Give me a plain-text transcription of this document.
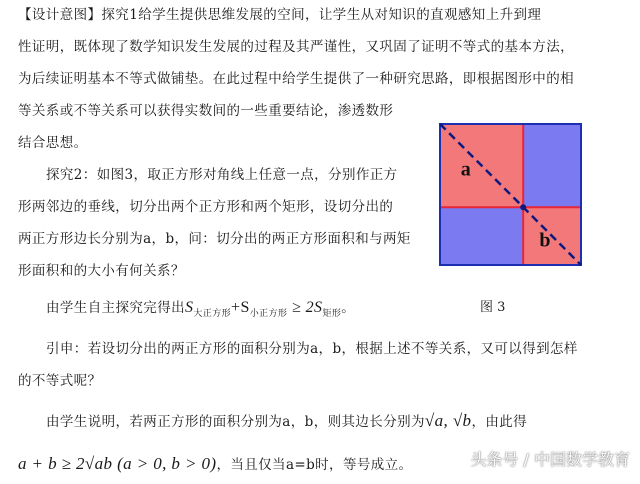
【设计意图】探究1给学生提供思维发展的空间，让学生从对知识的直观感知上升到理
性证明，既体现了数学知识发生发展的过程及其严谨性，又巩固了证明不等式的基本方法，
为后续证明基本不等式做铺垫。在此过程中给学生提供了一种研究思路，即根据图形中的相
等关系或不等关系可以获得实数间的一些重要结论，渗透数形
结合思想。
探究2：如图3，取正方形对角线上任意一点，分别作正方
形两邻边的垂线，切分出两个正方形和两个矩形，设切分出的
两正方形边长分别为a，b，问：切分出的两正方形面积和与两矩
形面积和的大小有何关系？
由学生自主探究完得出$S_{大正方形}+S_{小正方形} \ge 2S_{矩形}$。
引申：若设切分出的两正方形的面积分别为a，b，根据上述不等关系，又可以得到怎样
的不等式呢？
由学生说明，若两正方形的面积分别为a，b，则其边长分别为√a, √b，由此得
a + b ≥ 2√ab (a > 0, b > 0)，当且仅当a=b时，等号成立。
a
b
图 3
头条号 / 中国数学教育
